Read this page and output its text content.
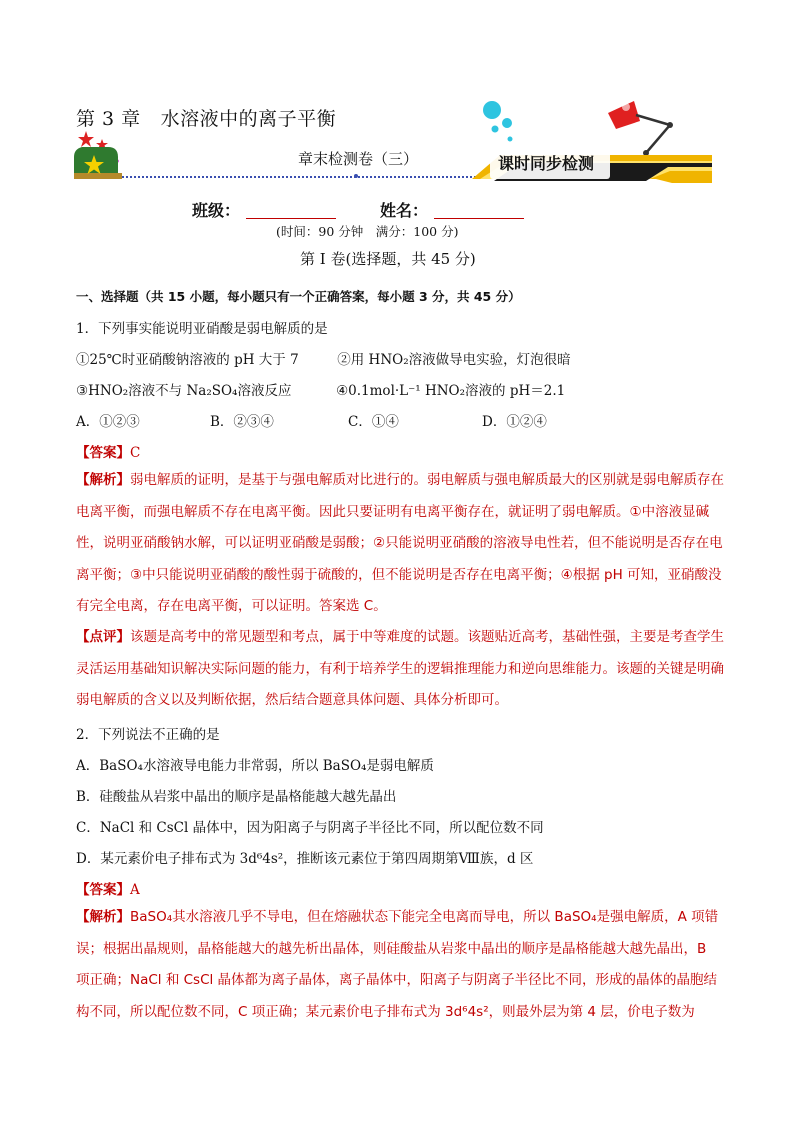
第 3 章 水溶液中的离子平衡
章末检测卷（三）	课时同步检测
班级：	姓名：
(时间：90 分钟　满分：100 分)
第 I 卷(选择题，共 45 分)
一、选择题（共 15 小题，每小题只有一个正确答案，每小题 3 分，共 45 分）
1．下列事实能说明亚硝酸是弱电解质的是
①25℃时亚硝酸钠溶液的 pH 大于 7	②用 HNO₂溶液做导电实验，灯泡很暗
③HNO₂溶液不与 Na₂SO₄溶液反应	④0.1mol·L⁻¹ HNO₂溶液的 pH＝2.1
A．①②③	B．②③④	C．①④	D．①②④
【答案】C
【解析】弱电解质的证明，是基于与强电解质对比进行的。弱电解质与强电解质最大的区别就是弱电解质存在电离平衡，而强电解质不存在电离平衡。因此只要证明有电离平衡存在，就证明了弱电解质。①中溶液显碱性，说明亚硝酸钠水解，可以证明亚硝酸是弱酸；②只能说明亚硝酸的溶液导电性若，但不能说明是否存在电离平衡；③中只能说明亚硝酸的酸性弱于硫酸的，但不能说明是否存在电离平衡；④根据 pH 可知，亚硝酸没有完全电离，存在电离平衡，可以证明。答案选 C。
【点评】该题是高考中的常见题型和考点，属于中等难度的试题。该题贴近高考，基础性强，主要是考查学生灵活运用基础知识解决实际问题的能力，有利于培养学生的逻辑推理能力和逆向思维能力。该题的关键是明确弱电解质的含义以及判断依据，然后结合题意具体问题、具体分析即可。
2．下列说法不正确的是
A．BaSO₄水溶液导电能力非常弱，所以 BaSO₄是弱电解质
B．硅酸盐从岩浆中晶出的顺序是晶格能越大越先晶出
C．NaCl 和 CsCl 晶体中，因为阳离子与阴离子半径比不同，所以配位数不同
D．某元素价电子排布式为 3d⁶4s²，推断该元素位于第四周期第Ⅷ族，d 区
【答案】A
【解析】BaSO₄其水溶液几乎不导电，但在熔融状态下能完全电离而导电，所以 BaSO₄是强电解质，A 项错误；根据出晶规则，晶格能越大的越先析出晶体，则硅酸盐从岩浆中晶出的顺序是晶格能越大越先晶出，B 项正确；NaCl 和 CsCl 晶体都为离子晶体，离子晶体中，阳离子与阴离子半径比不同，形成的晶体的晶胞结构不同，所以配位数不同，C 项正确；某元素价电子排布式为 3d⁶4s²，则最外层为第 4 层，价电子数为
